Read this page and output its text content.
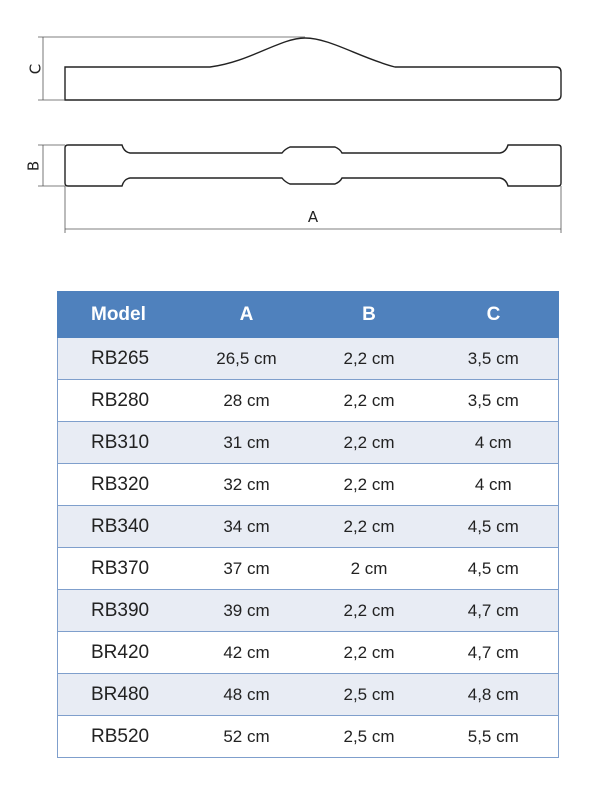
C
B
A
Model	A	B	C
RB265	26,5 cm	2,2 cm	3,5 cm
RB280	28 cm	2,2 cm	3,5 cm
RB310	31 cm	2,2 cm	4 cm
RB320	32 cm	2,2 cm	4 cm
RB340	34 cm	2,2 cm	4,5 cm
RB370	37 cm	2 cm	4,5 cm
RB390	39 cm	2,2 cm	4,7 cm
BR420	42 cm	2,2 cm	4,7 cm
BR480	48 cm	2,5 cm	4,8 cm
RB520	52 cm	2,5 cm	5,5 cm
